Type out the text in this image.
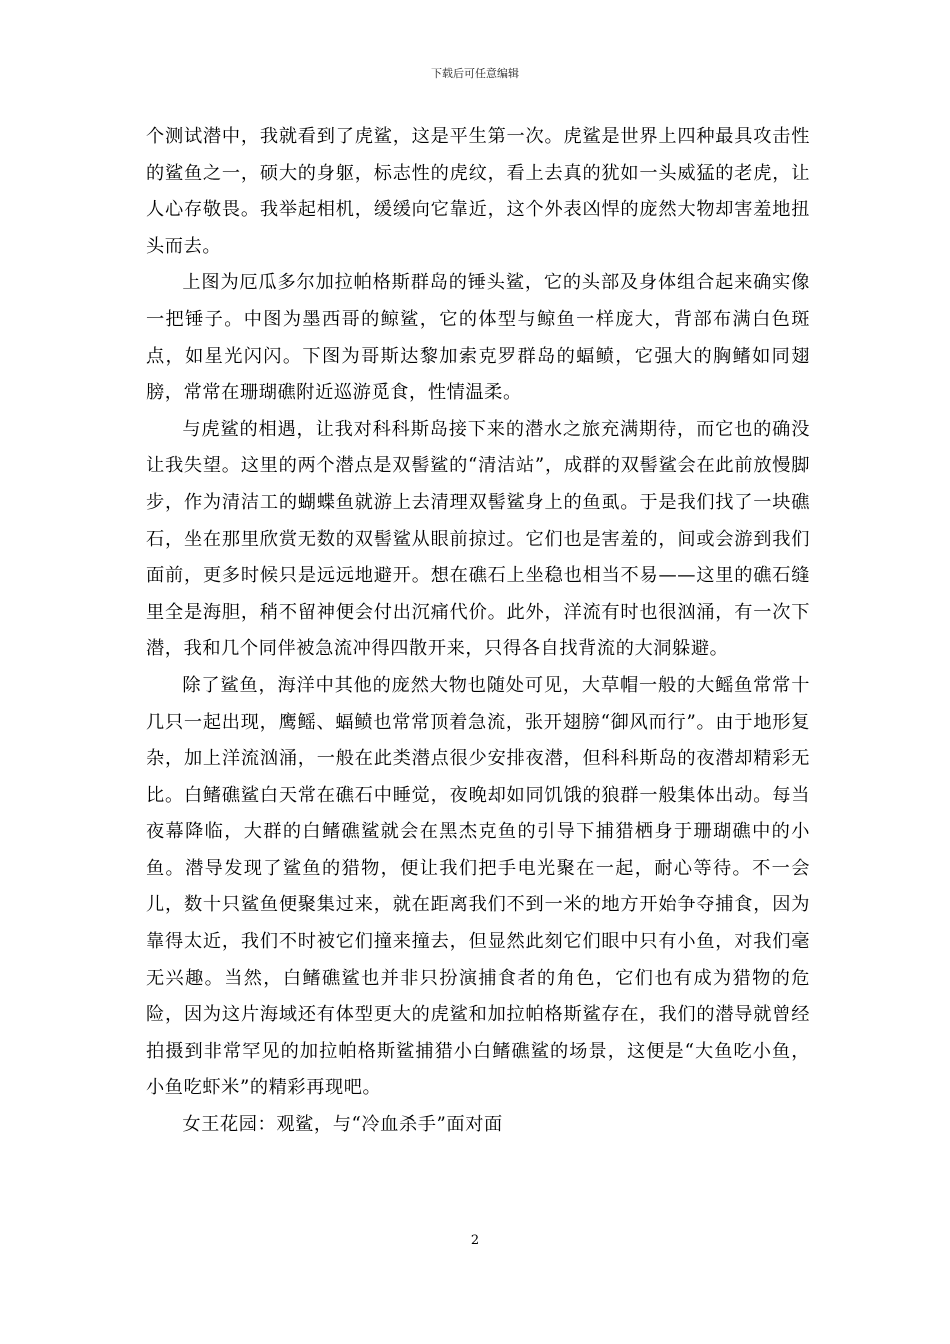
下载后可任意编辑

个测试潜中，我就看到了虎鲨，这是平生第一次。虎鲨是世界上四种最具攻击性的鲨鱼之一，硕大的身躯，标志性的虎纹，看上去真的犹如一头威猛的老虎，让人心存敬畏。我举起相机，缓缓向它靠近，这个外表凶悍的庞然大物却害羞地扭头而去。

上图为厄瓜多尔加拉帕格斯群岛的锤头鲨，它的头部及身体组合起来确实像一把锤子。中图为墨西哥的鲸鲨，它的体型与鲸鱼一样庞大，背部布满白色斑点，如星光闪闪。下图为哥斯达黎加索克罗群岛的蝠鲼，它强大的胸鳍如同翅膀，常常在珊瑚礁附近巡游觅食，性情温柔。

与虎鲨的相遇，让我对科科斯岛接下来的潜水之旅充满期待，而它也的确没让我失望。这里的两个潜点是双髻鲨的“清洁站”，成群的双髻鲨会在此前放慢脚步，作为清洁工的蝴蝶鱼就游上去清理双髻鲨身上的鱼虱。于是我们找了一块礁石，坐在那里欣赏无数的双髻鲨从眼前掠过。它们也是害羞的，间或会游到我们面前，更多时候只是远远地避开。想在礁石上坐稳也相当不易——这里的礁石缝里全是海胆，稍不留神便会付出沉痛代价。此外，洋流有时也很汹涌，有一次下潜，我和几个同伴被急流冲得四散开来，只得各自找背流的大洞躲避。

除了鲨鱼，海洋中其他的庞然大物也随处可见，大草帽一般的大鳐鱼常常十几只一起出现，鹰鳐、蝠鲼也常常顶着急流，张开翅膀“御风而行”。由于地形复杂，加上洋流汹涌，一般在此类潜点很少安排夜潜，但科科斯岛的夜潜却精彩无比。白鳍礁鲨白天常在礁石中睡觉，夜晚却如同饥饿的狼群一般集体出动。每当夜幕降临，大群的白鳍礁鲨就会在黑杰克鱼的引导下捕猎栖身于珊瑚礁中的小鱼。潜导发现了鲨鱼的猎物，便让我们把手电光聚在一起，耐心等待。不一会儿，数十只鲨鱼便聚集过来，就在距离我们不到一米的地方开始争夺捕食，因为靠得太近，我们不时被它们撞来撞去，但显然此刻它们眼中只有小鱼，对我们毫无兴趣。当然，白鳍礁鲨也并非只扮演捕食者的角色，它们也有成为猎物的危险，因为这片海域还有体型更大的虎鲨和加拉帕格斯鲨存在，我们的潜导就曾经拍摄到非常罕见的加拉帕格斯鲨捕猎小白鳍礁鲨的场景，这便是“大鱼吃小鱼，小鱼吃虾米”的精彩再现吧。

女王花园：观鲨，与“冷血杀手”面对面

2
